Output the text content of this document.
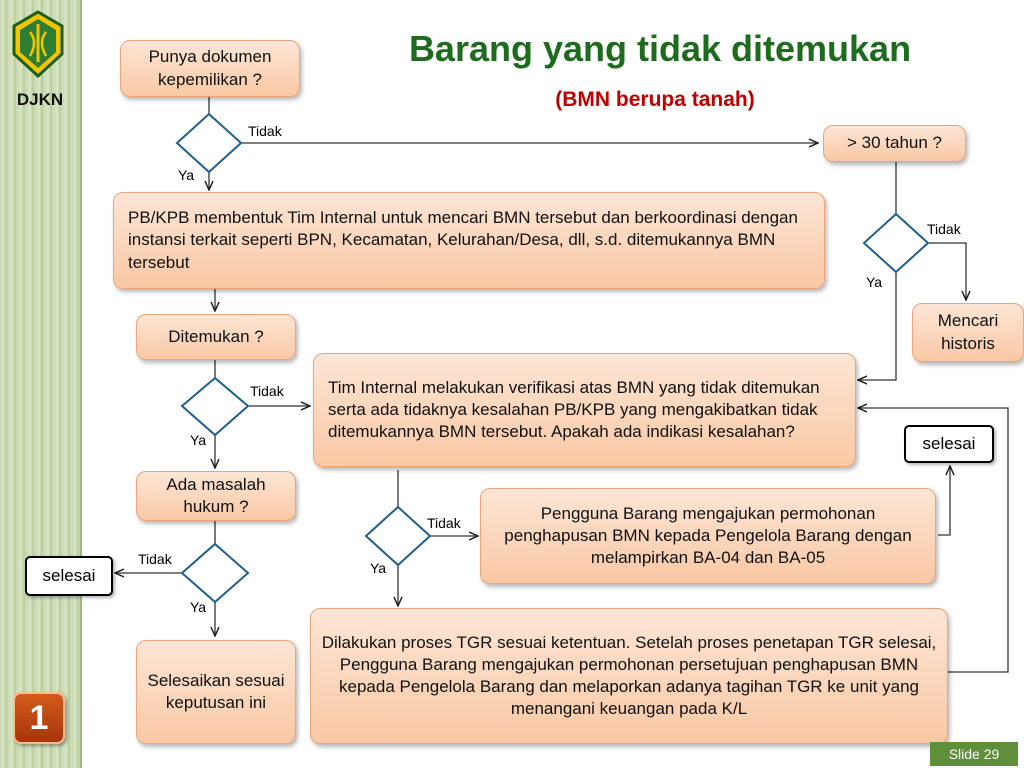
DJKN
1
Barang yang tidak ditemukan
(BMN berupa tanah)
Tidak
Ya
Tidak
Ya
Tidak
Ya
Tidak
Ya
Tidak
Ya
Punya dokumen kepemilikan ?
> 30 tahun ?
PB/KPB membentuk Tim Internal untuk mencari BMN tersebut dan berkoordinasi dengan instansi terkait seperti BPN, Kecamatan, Kelurahan/Desa, dll, s.d. ditemukannya BMN tersebut
Mencari historis
Ditemukan ?
Tim Internal melakukan verifikasi atas BMN yang tidak ditemukan serta ada tidaknya kesalahan PB/KPB yang mengakibatkan tidak ditemukannya BMN tersebut. Apakah ada indikasi kesalahan?
selesai
Ada masalah hukum ?	Pengguna Barang mengajukan permohonan penghapusan BMN kepada Pengelola Barang dengan melampirkan BA-04 dan BA-05
selesai
Selesaikan sesuai keputusan ini
Dilakukan proses TGR sesuai ketentuan. Setelah proses penetapan TGR selesai, Pengguna Barang mengajukan permohonan persetujuan penghapusan BMN kepada Pengelola Barang dan melaporkan adanya tagihan TGR ke unit yang menangani keuangan pada K/L
Slide 29
